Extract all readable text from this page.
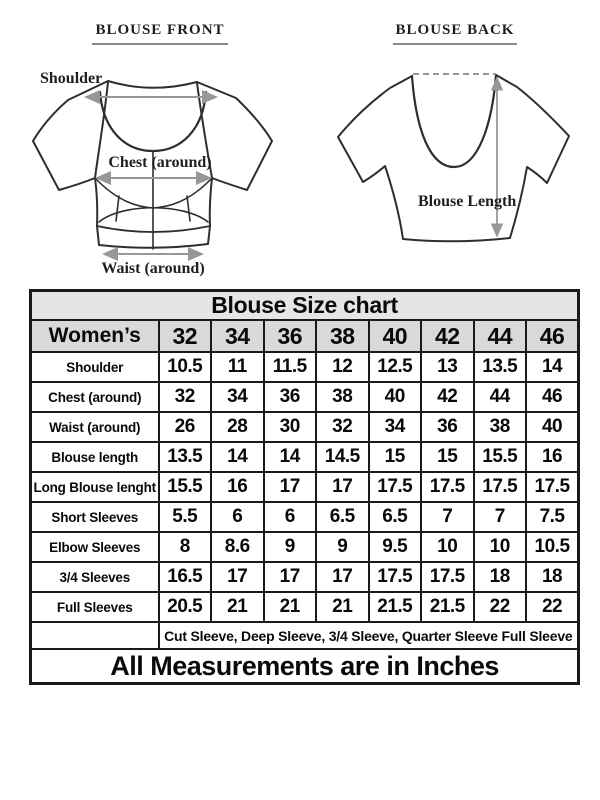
BLOUSE FRONT
Shoulder
Chest (around)
Waist (around)
BLOUSE BACK
Blouse Length
Blouse Size chart								
Women’s	32	34	36	38	40	42	44	46
Shoulder	10.5	11	11.5	12	12.5	13	13.5	14
Chest (around)	32	34	36	38	40	42	44	46
Waist (around)	26	28	30	32	34	36	38	40
Blouse length	13.5	14	14	14.5	15	15	15.5	16
Long Blouse lenght	15.5	16	17	17	17.5	17.5	17.5	17.5
Short Sleeves	5.5	6	6	6.5	6.5	7	7	7.5
Elbow Sleeves	8	8.6	9	9	9.5	10	10	10.5
3/4 Sleeves	16.5	17	17	17	17.5	17.5	18	18
Full Sleeves	20.5	21	21	21	21.5	21.5	22	22
	Cut Sleeve, Deep Sleeve, 3/4 Sleeve, Quarter Sleeve Full Sleeve							
All Measurements are in Inches								
